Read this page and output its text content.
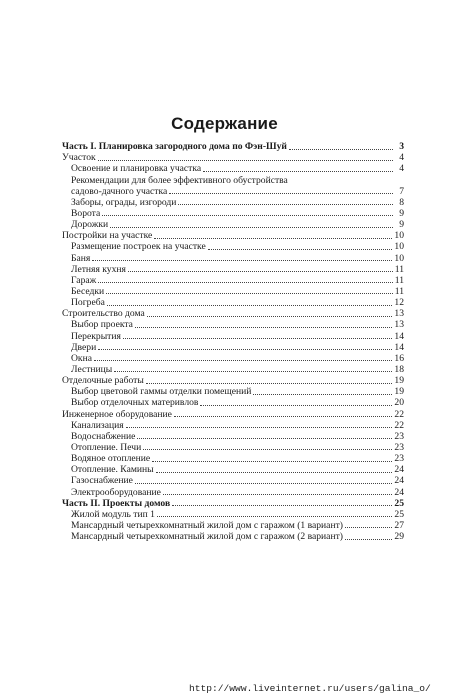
Содержание
Часть I. Планировка загородного дома по Фэн-Шуй	3
Участок	4
Освоение и планировка участка	4
Рекомендации для более эффективного обустройства
садово-дачного участка	7
Заборы, ограды, изгороди	8
Ворота	9
Дорожки	9
Постройки на участке	10
Размещение построек на участке	10
Баня	10
Летняя кухня	11
Гараж	11
Беседки	11
Погреба	12
Строительство дома	13
Выбор проекта	13
Перекрытия	14
Двери	14
Окна	16
Лестницы	18
Отделочные работы	19
Выбор цветовой гаммы отделки помещений	19
Выбор отделочных материвлов	20
Инженерное оборудование	22
Канализация	22
Водоснабжение	23
Отопление. Печи	23
Водяное отопление	23
Отопление. Камины	24
Газоснабжение	24
Электрооборудование	24
Часть II. Проекты домов	25
Жилой модуль тип 1	25
Мансардный четырехкомнатный жилой дом с гаражом (1 вариант)	27
Мансардный четырехкомнатный жилой дом с гаражом (2 вариант)	29
http://www.liveinternet.ru/users/galina_o/
